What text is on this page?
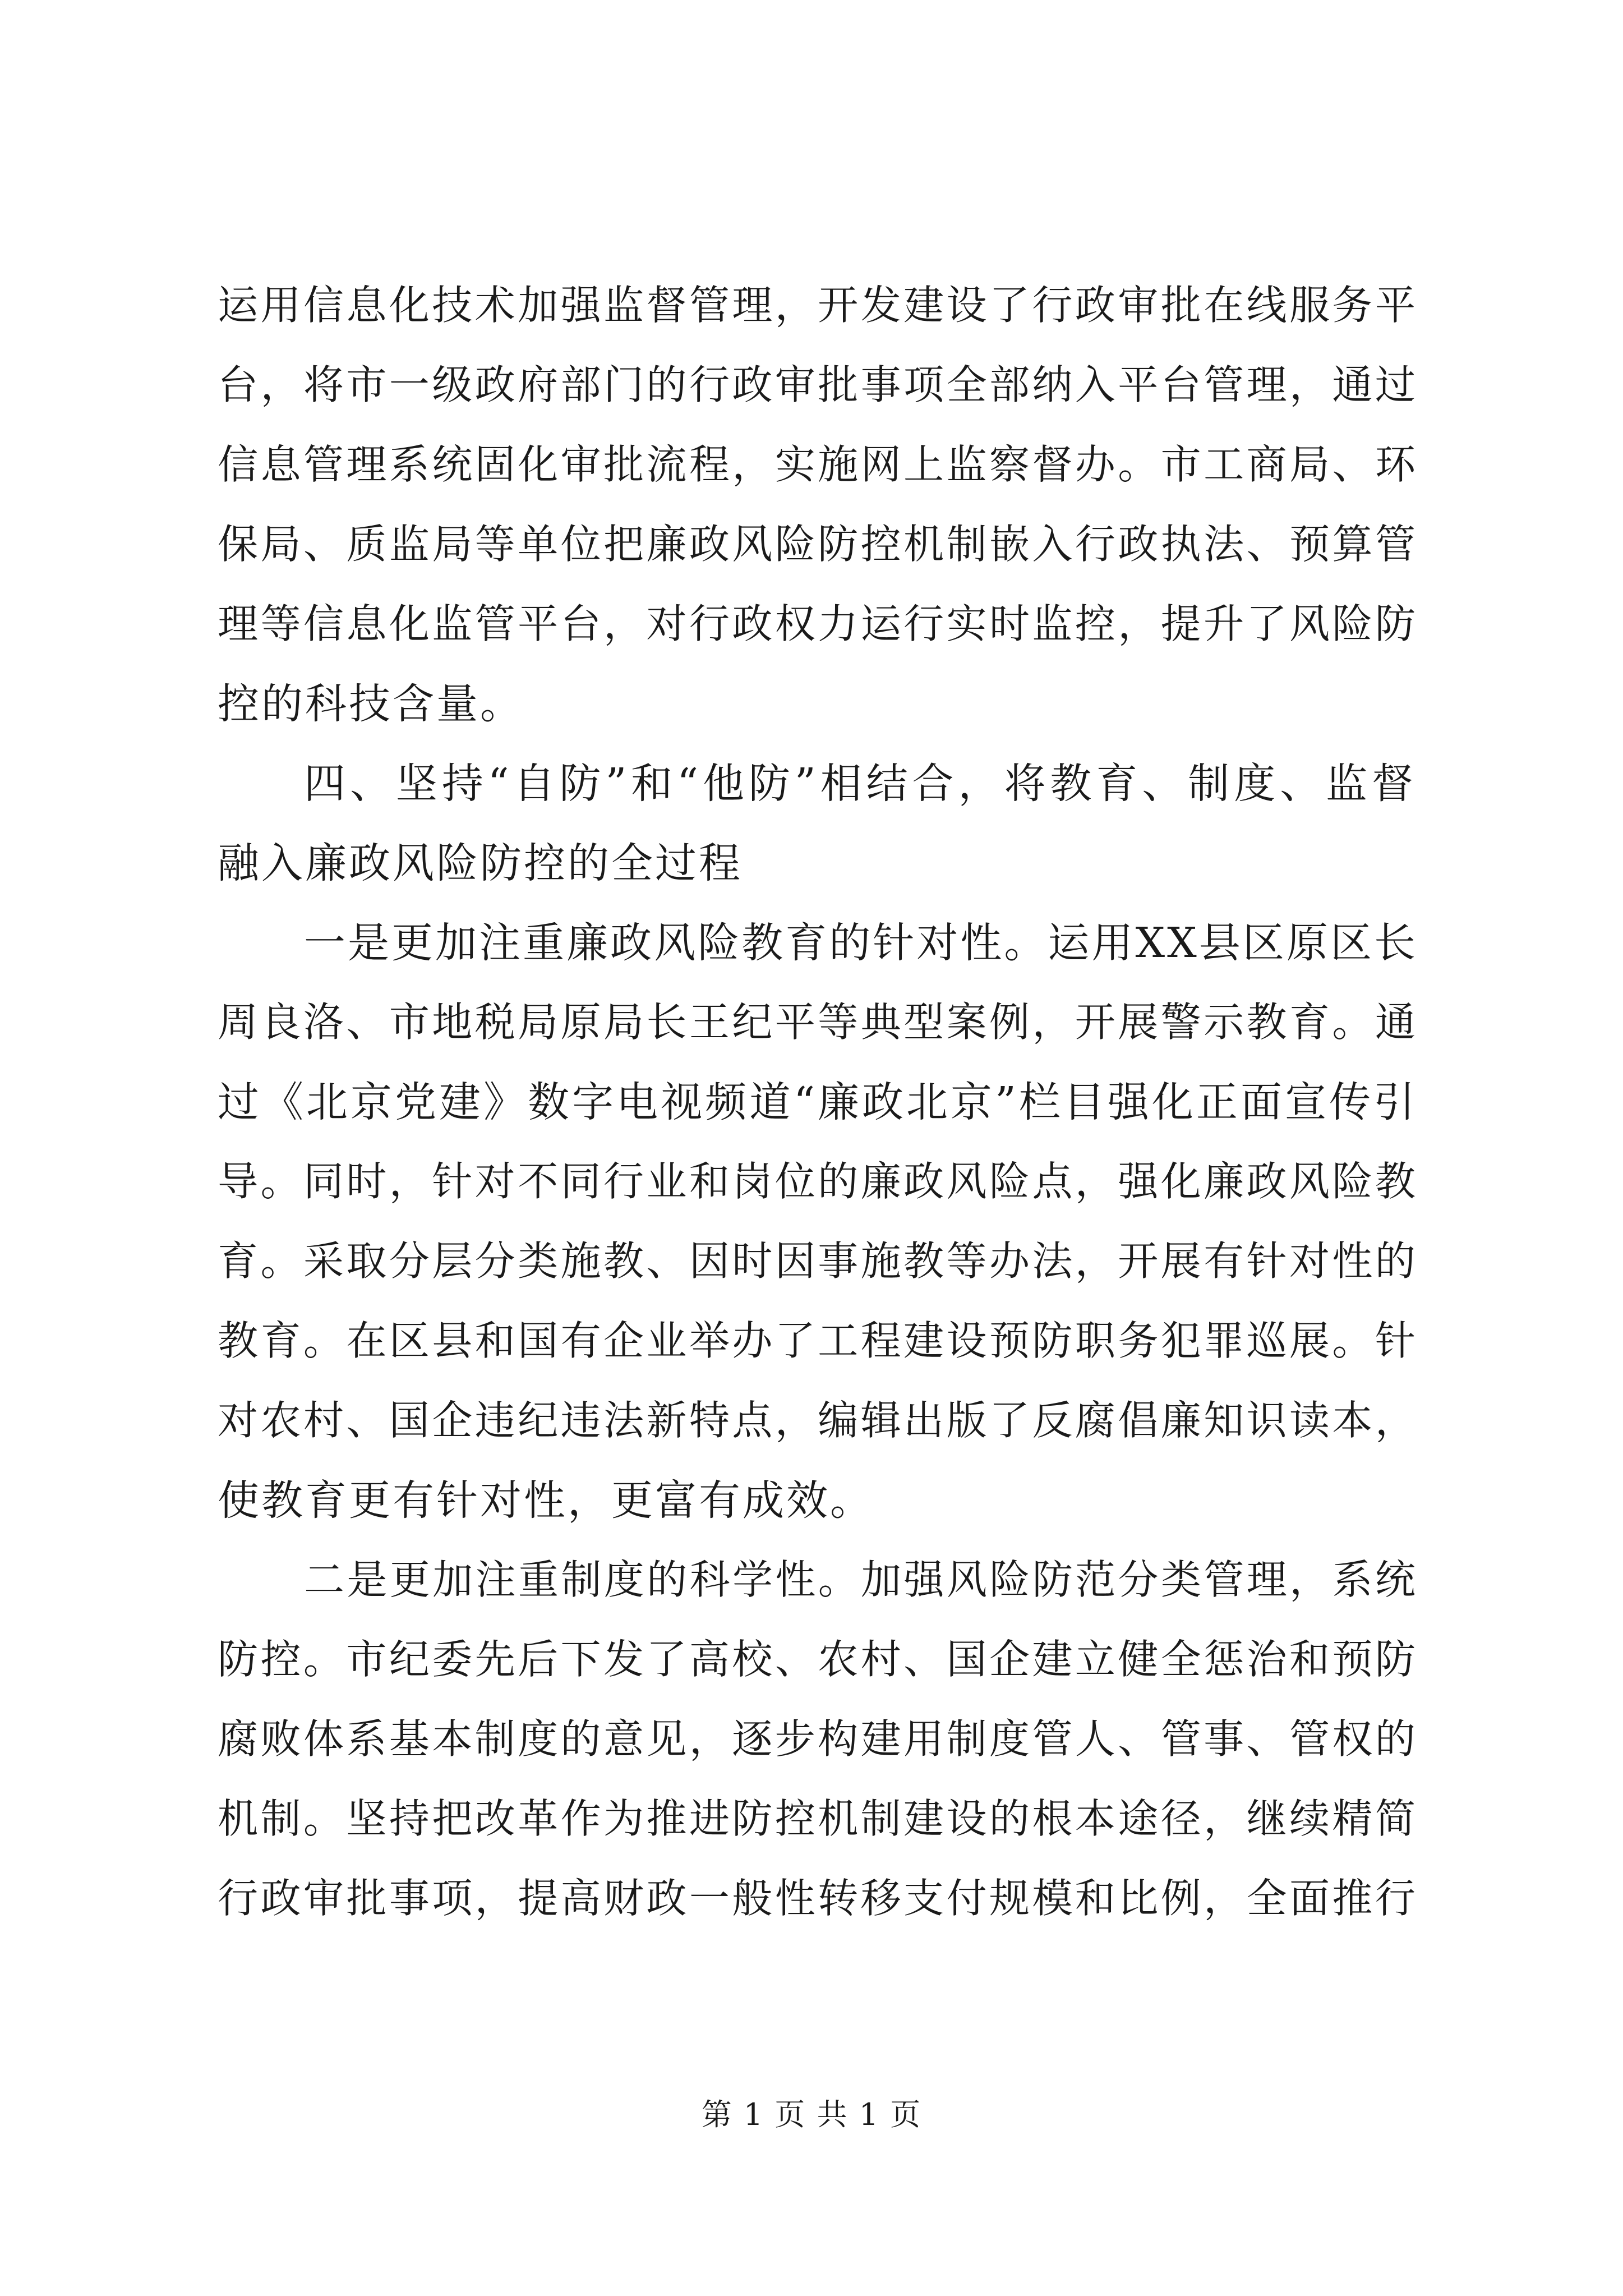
运用信息化技术加强监督管理，开发建设了行政审批在线服务平
台，将市一级政府部门的行政审批事项全部纳入平台管理，通过
信息管理系统固化审批流程，实施网上监察督办。市工商局、环
保局、质监局等单位把廉政风险防控机制嵌入行政执法、预算管
理等信息化监管平台，对行政权力运行实时监控，提升了风险防
控的科技含量。
四、坚持“自防”和“他防”相结合，将教育、制度、监督
融入廉政风险防控的全过程
一是更加注重廉政风险教育的针对性。运用XX县区原区长
周良洛、市地税局原局长王纪平等典型案例，开展警示教育。通
过《北京党建》数字电视频道“廉政北京”栏目强化正面宣传引
导。同时，针对不同行业和岗位的廉政风险点，强化廉政风险教
育。采取分层分类施教、因时因事施教等办法，开展有针对性的
教育。在区县和国有企业举办了工程建设预防职务犯罪巡展。针
对农村、国企违纪违法新特点，编辑出版了反腐倡廉知识读本，
使教育更有针对性，更富有成效。
二是更加注重制度的科学性。加强风险防范分类管理，系统
防控。市纪委先后下发了高校、农村、国企建立健全惩治和预防
腐败体系基本制度的意见，逐步构建用制度管人、管事、管权的
机制。坚持把改革作为推进防控机制建设的根本途径，继续精简
行政审批事项，提高财政一般性转移支付规模和比例，全面推行
第 1 页 共 1 页
